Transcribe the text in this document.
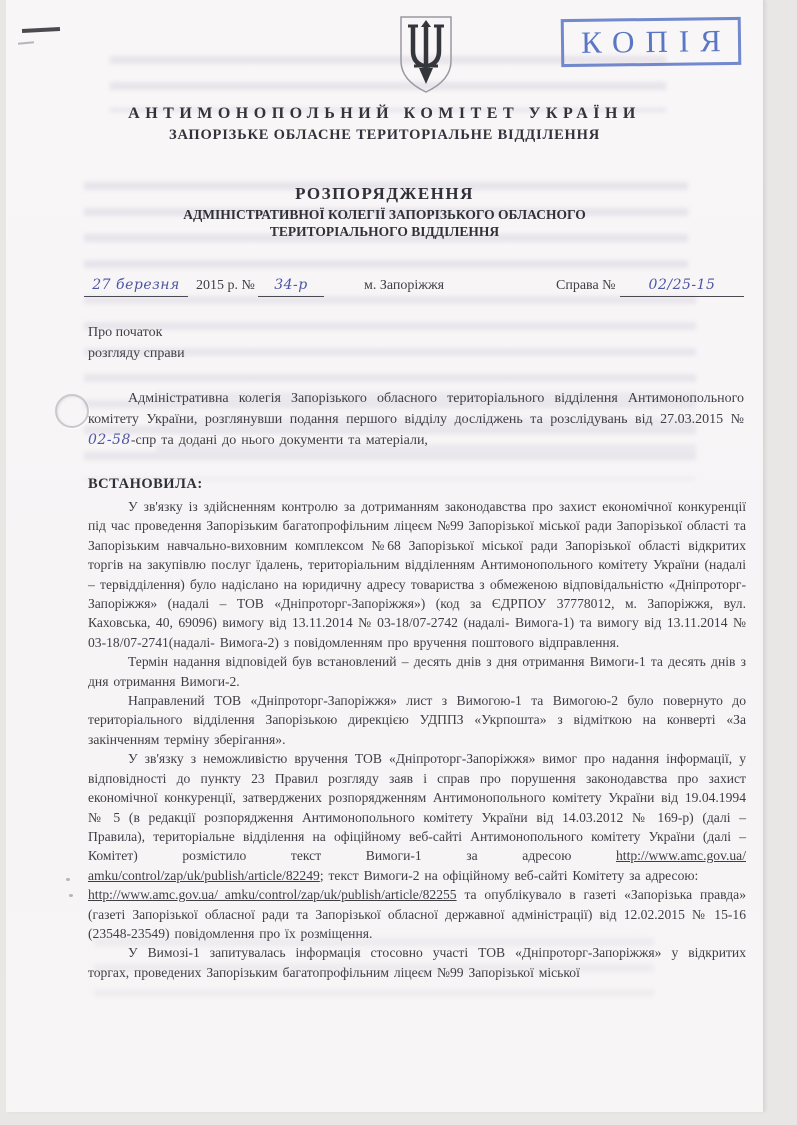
КОПІЯ
АНТИМОНОПОЛЬНИЙ КОМІТЕТ УКРАЇНИ
ЗАПОРІЗЬКЕ ОБЛАСНЕ ТЕРИТОРІАЛЬНЕ ВІДДІЛЕННЯ
РОЗПОРЯДЖЕННЯ
АДМІНІСТРАТИВНОЇ КОЛЕГІЇ ЗАПОРІЗЬКОГО ОБЛАСНОГО
ТЕРИТОРІАЛЬНОГО ВІДДІЛЕННЯ
27 березня	2015 р. №	34-р	м. Запоріжжя	Справа №	02/25-15
Про початок
розгляду справи

Адміністративна колегія Запорізького обласного територіального відділення Антимонопольного комітету України, розглянувши подання першого відділу досліджень та розслідувань від 27.03.2015 № 02-58-спр та додані до нього документи та матеріали,

ВСТАНОВИЛА:

У зв'язку із здійсненням контролю за дотриманням законодавства про захист економічної конкуренції під час проведення Запорізьким багатопрофільним ліцеєм №99 Запорізької міської ради Запорізької області та Запорізьким навчально-виховним комплексом №68 Запорізької міської ради Запорізької області відкритих торгів на закупівлю послуг їдалень, територіальним відділенням Антимонопольного комітету України (надалі – тервідділення) було надіслано на юридичну адресу товариства з обмеженою відповідальністю «Дніпроторг-Запоріжжя» (надалі – ТОВ «Дніпроторг-Запоріжжя») (код за ЄДРПОУ 37778012, м. Запоріжжя, вул. Каховська, 40, 69096) вимогу від 13.11.2014 № 03-18/07-2742 (надалі- Вимога-1) та вимогу від 13.11.2014 № 03-18/07-2741(надалі- Вимога-2) з повідомленням про вручення поштового відправлення.

Термін надання відповідей був встановлений – десять днів з дня отримання Вимоги-1 та десять днів з дня отримання Вимоги-2.

Направлений ТОВ «Дніпроторг-Запоріжжя» лист з Вимогою-1 та Вимогою-2 було повернуто до територіального відділення Запорізькою дирекцією УДППЗ «Укрпошта» з відміткою на конверті «За закінченням терміну зберігання».

У зв'язку з неможливістю вручення ТОВ «Дніпроторг-Запоріжжя» вимог про надання інформації, у відповідності до пункту 23 Правил розгляду заяв і справ про порушення законодавства про захист економічної конкуренції, затверджених розпорядженням Антимонопольного комітету України від 19.04.1994 № 5 (в редакції розпорядження Антимонопольного комітету України від 14.03.2012 № 169-р) (далі – Правила), територіальне відділення на офіційному веб-сайті Антимонопольного комітету України (далі – Комітет) розмістило текст Вимоги-1 за адресою http://www.amc.gov.ua/ amku/control/zap/uk/publish/article/82249; текст Вимоги-2 на офіційному веб-сайті Комітету за адресою:
http://www.amc.gov.ua/_amku/control/zap/uk/publish/article/82255 та опублікувало в газеті «Запорізька правда» (газеті Запорізької обласної ради та Запорізької обласної державної адміністрації) від 12.02.2015 № 15-16 (23548-23549) повідомлення про їх розміщення.

У Вимозі-1 запитувалась інформація стосовно участі ТОВ «Дніпроторг-Запоріжжя» у відкритих торгах, проведених Запорізьким багатопрофільним ліцеєм №99 Запорізької міської
